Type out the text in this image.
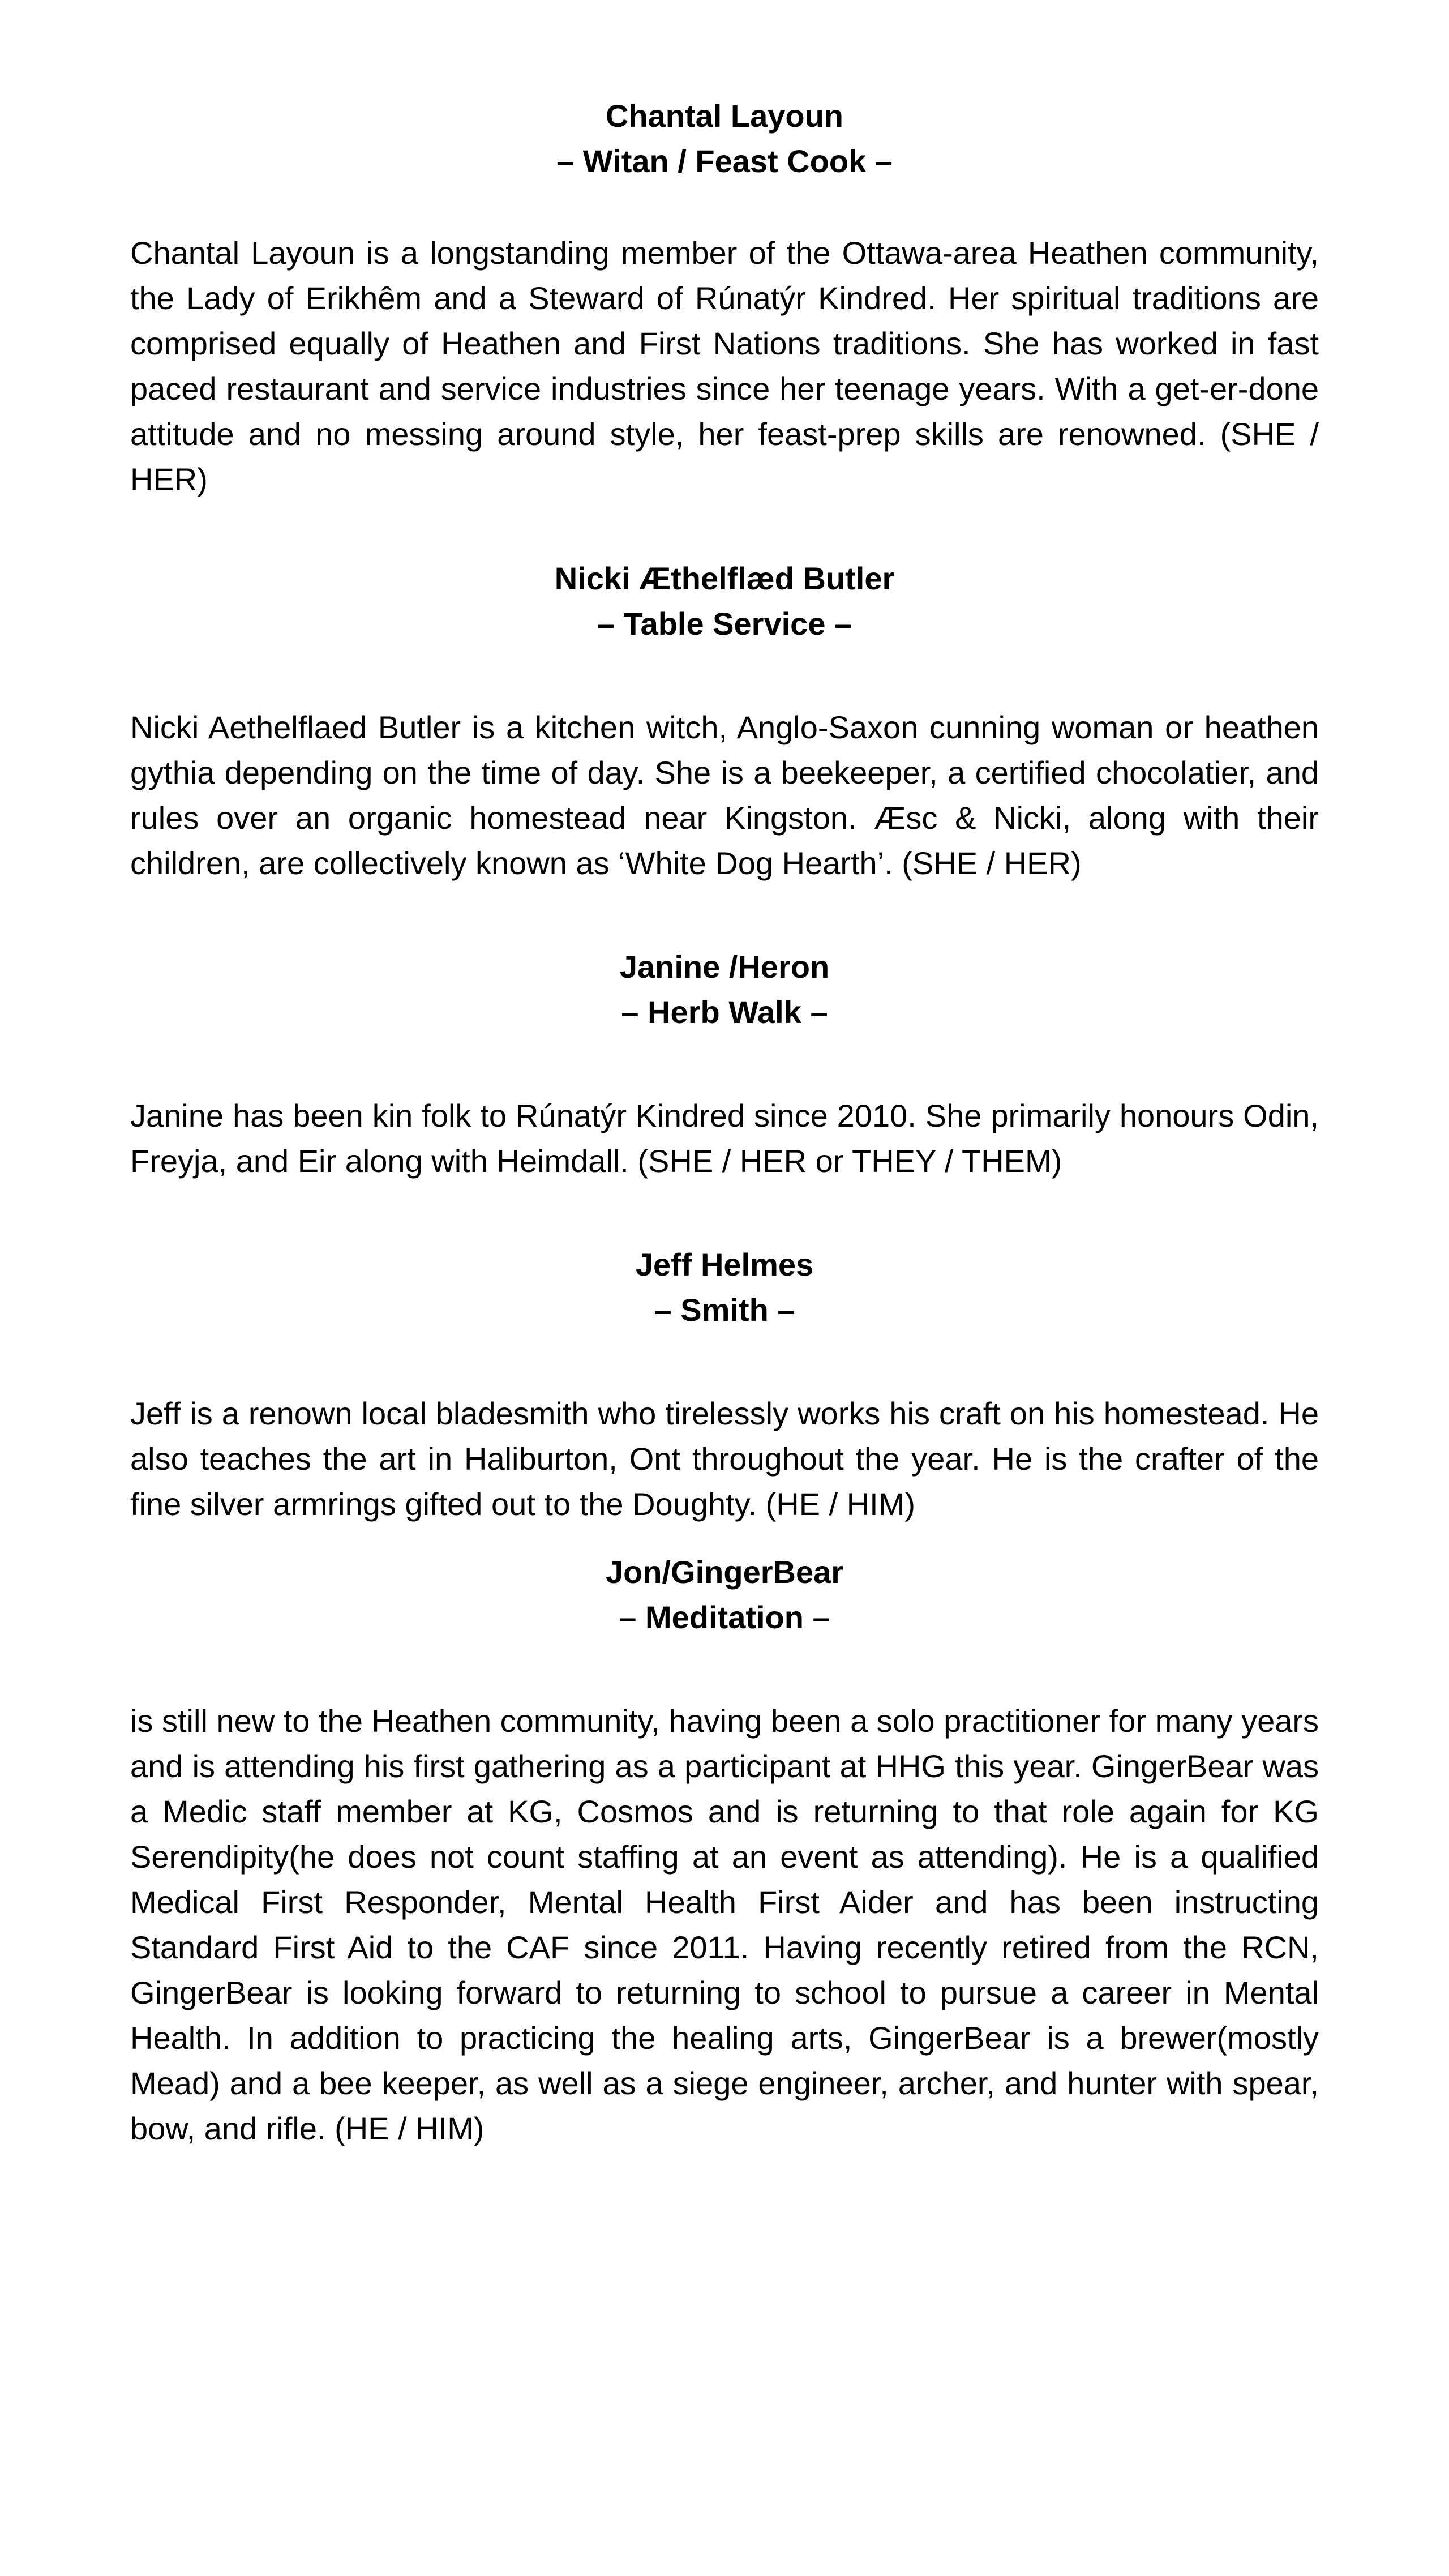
Chantal Layoun
– Witan / Feast Cook –

Chantal Layoun is a longstanding member of the Ottawa-area Heathen community, the Lady of Erikhêm and a Steward of Rúnatýr Kindred. Her spiritual traditions are comprised equally of Heathen and First Nations traditions. She has worked in fast paced restaurant and service industries since her teenage years. With a get-er-done attitude and no messing around style, her feast-prep skills are renowned. (SHE / HER)

Nicki Æthelflæd Butler
– Table Service –

Nicki Aethelflaed Butler is a kitchen witch, Anglo-Saxon cunning woman or heathen gythia depending on the time of day. She is a beekeeper, a certified chocolatier, and rules over an organic homestead near Kingston. Æsc & Nicki, along with their children, are collectively known as ‘White Dog Hearth’. (SHE / HER)

Janine /Heron
– Herb Walk –

Janine has been kin folk to Rúnatýr Kindred since 2010. She primarily honours Odin, Freyja, and Eir along with Heimdall. (SHE / HER or THEY / THEM)

Jeff Helmes
– Smith –

Jeff is a renown local bladesmith who tirelessly works his craft on his homestead. He also teaches the art in Haliburton, Ont throughout the year. He is the crafter of the fine silver armrings gifted out to the Doughty. (HE / HIM)

Jon/GingerBear
– Meditation –

is still new to the Heathen community, having been a solo practitioner for many years and is attending his first gathering as a participant at HHG this year. GingerBear was a Medic staff member at KG, Cosmos and is returning to that role again for KG Serendipity(he does not count staffing at an event as attending). He is a qualified Medical First Responder, Mental Health First Aider and has been instructing Standard First Aid to the CAF since 2011. Having recently retired from the RCN, GingerBear is looking forward to returning to school to pursue a career in Mental Health. In addition to practicing the healing arts, GingerBear is a brewer(mostly Mead) and a bee keeper, as well as a siege engineer, archer, and hunter with spear, bow, and rifle. (HE / HIM)
